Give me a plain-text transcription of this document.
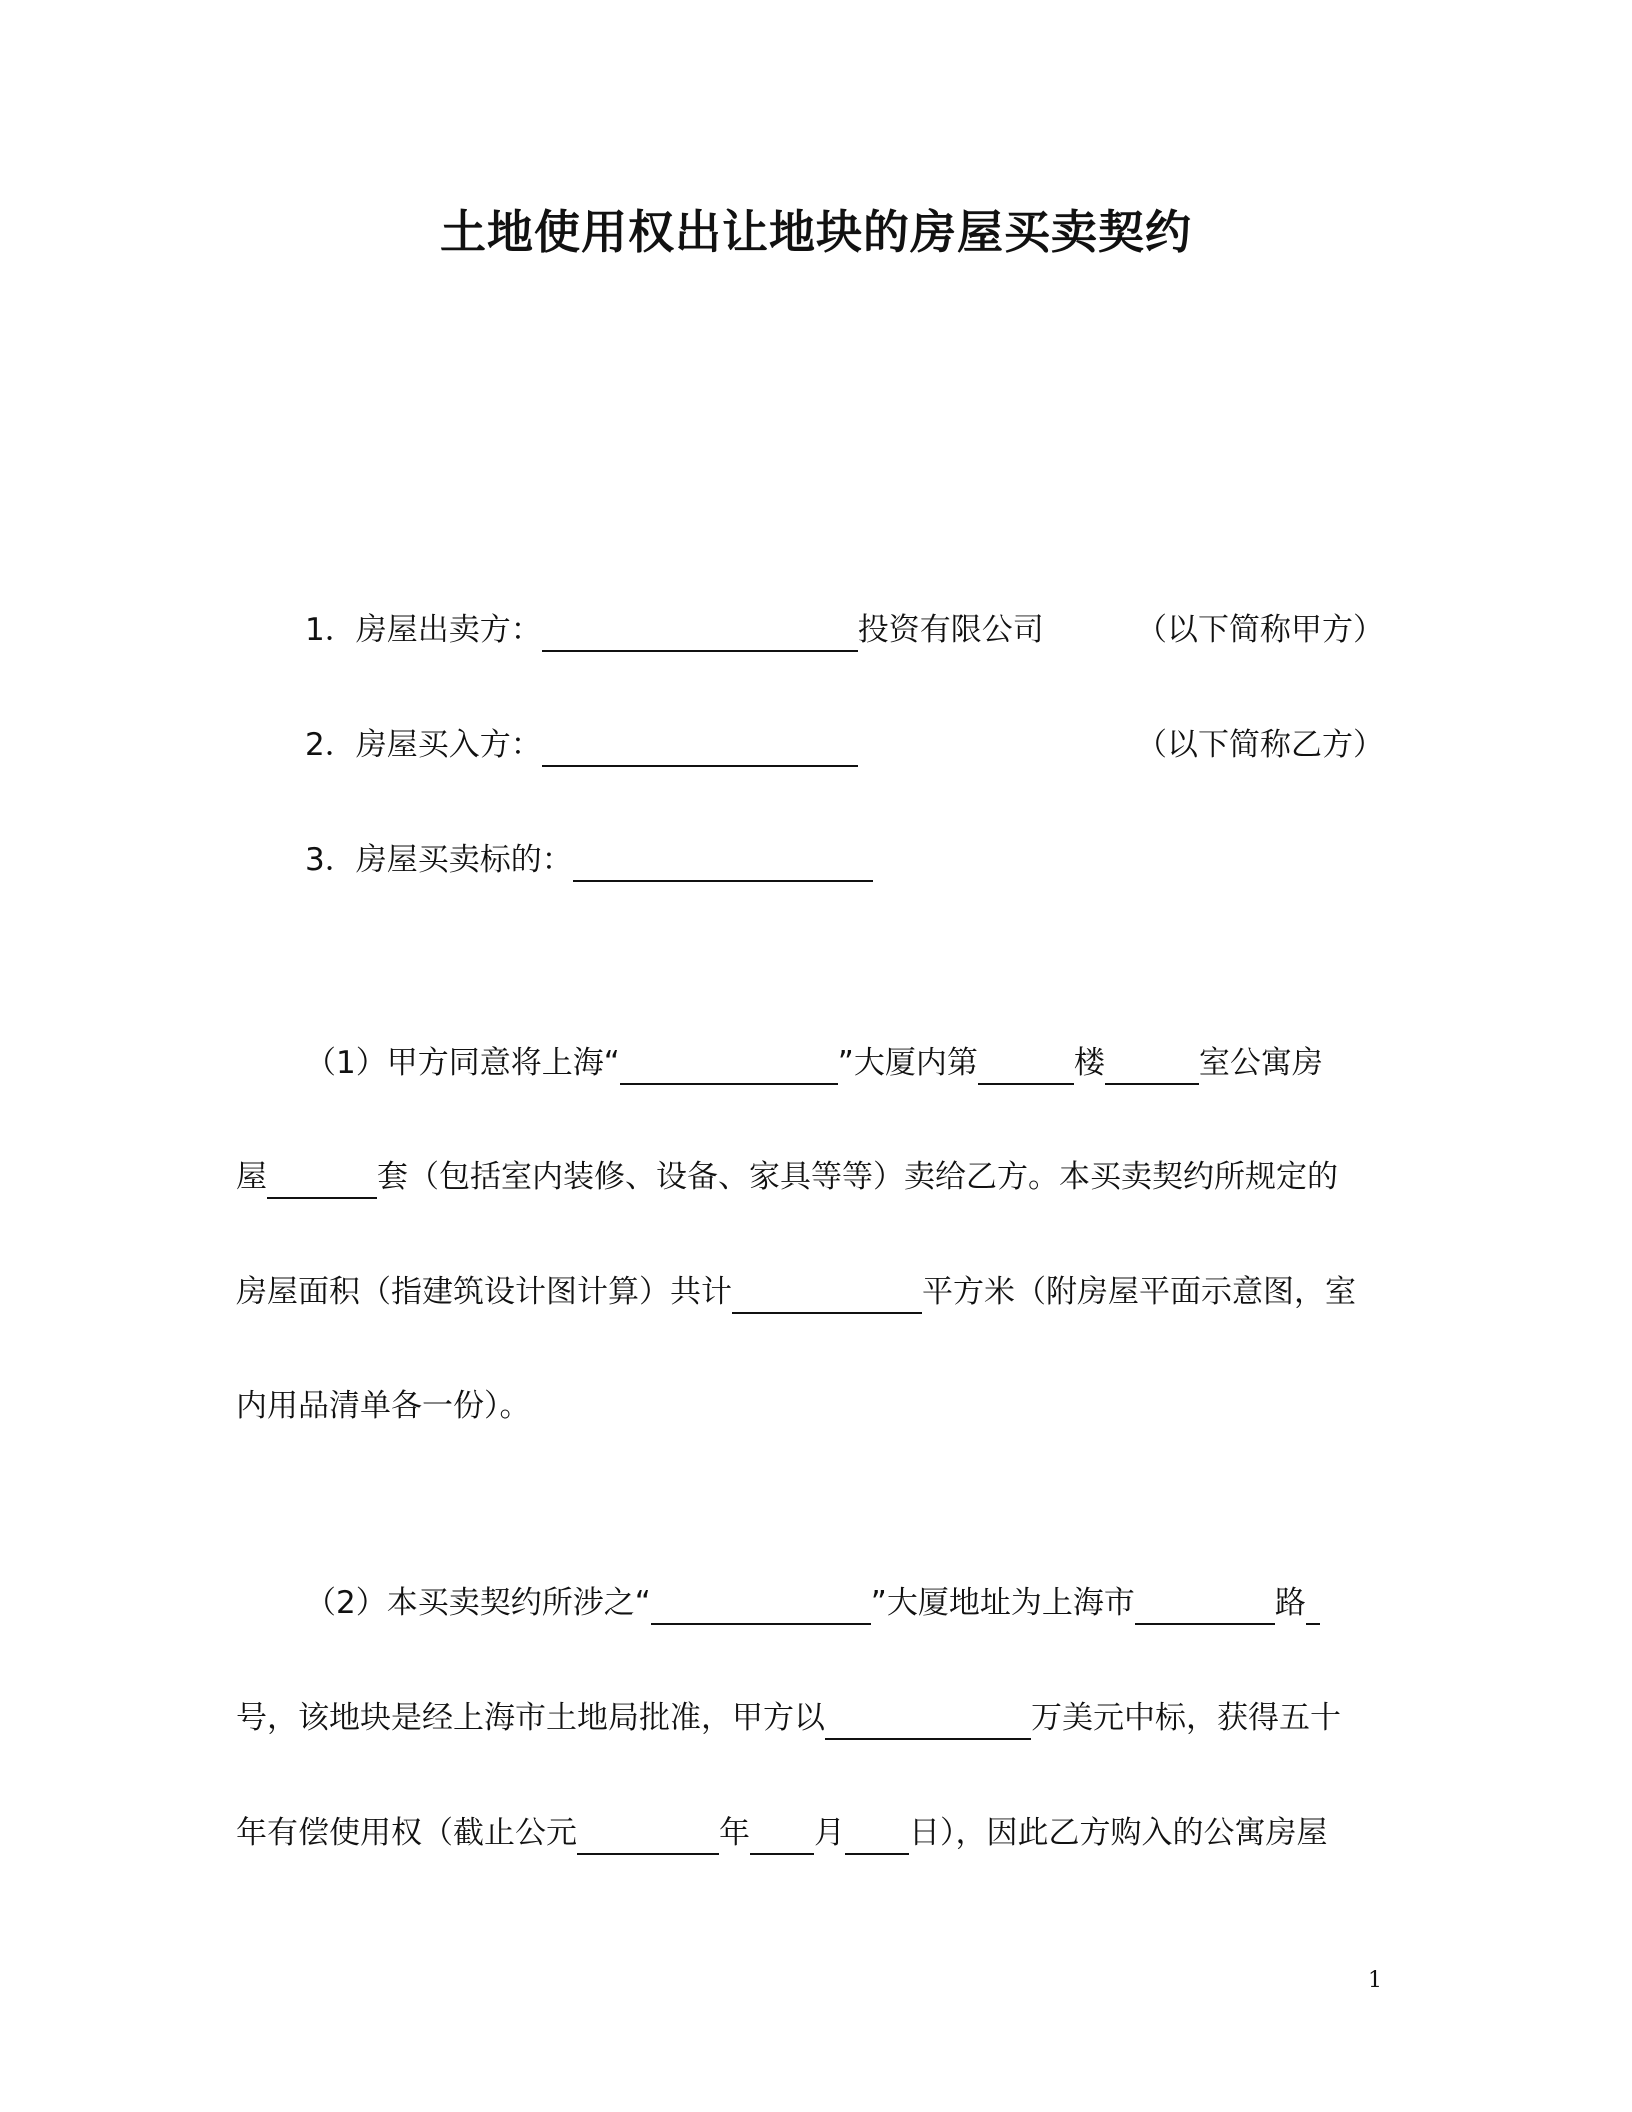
土地使用权出让地块的房屋买卖契约
1．房屋出卖方：	投资有限公司	（以下简称甲方）
2．房屋买入方：	（以下简称乙方）
3．房屋买卖标的：
（1）甲方同意将上海“	”大厦内第	楼	室公寓房
屋	套（包括室内装修、设备、家具等等）卖给乙方。本买卖契约所规定的
房屋面积（指建筑设计图计算）共计	平方米（附房屋平面示意图，室
内用品清单各一份）。
（2）本买卖契约所涉之“	”大厦地址为上海市	路
号，该地块是经上海市土地局批准，甲方以	万美元中标，获得五十
年有偿使用权（截止公元	年 月 日），因此乙方购入的公寓房屋
1
